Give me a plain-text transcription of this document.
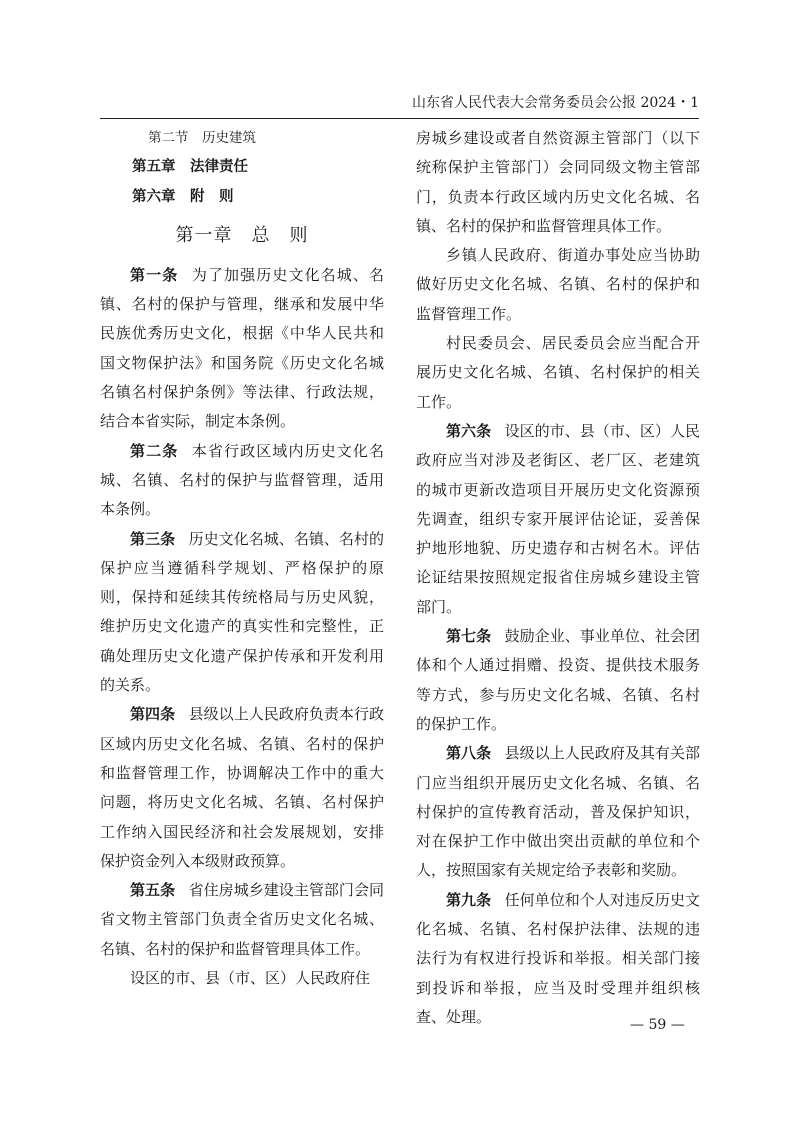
山东省人民代表大会常务委员会公报 2024・1

第二节　历史建筑

第五章　法律责任

第六章　附　则

第一章　总　则

第一条 为了加强历史文化名城、名镇、名村的保护与管理，继承和发展中华民族优秀历史文化，根据《中华人民共和国文物保护法》和国务院《历史文化名城名镇名村保护条例》等法律、行政法规，结合本省实际，制定本条例。

第二条 本省行政区域内历史文化名城、名镇、名村的保护与监督管理，适用本条例。

第三条 历史文化名城、名镇、名村的保护应当遵循科学规划、严格保护的原则，保持和延续其传统格局与历史风貌，维护历史文化遗产的真实性和完整性，正确处理历史文化遗产保护传承和开发利用的关系。

第四条 县级以上人民政府负责本行政区域内历史文化名城、名镇、名村的保护和监督管理工作，协调解决工作中的重大问题，将历史文化名城、名镇、名村保护工作纳入国民经济和社会发展规划，安排保护资金列入本级财政预算。

第五条 省住房城乡建设主管部门会同省文物主管部门负责全省历史文化名城、名镇、名村的保护和监督管理具体工作。

设区的市、县（市、区）人民政府住

房城乡建设或者自然资源主管部门（以下统称保护主管部门）会同同级文物主管部门，负责本行政区域内历史文化名城、名镇、名村的保护和监督管理具体工作。

乡镇人民政府、街道办事处应当协助做好历史文化名城、名镇、名村的保护和监督管理工作。

村民委员会、居民委员会应当配合开展历史文化名城、名镇、名村保护的相关工作。

第六条 设区的市、县（市、区）人民政府应当对涉及老街区、老厂区、老建筑的城市更新改造项目开展历史文化资源预先调查，组织专家开展评估论证，妥善保护地形地貌、历史遗存和古树名木。评估论证结果按照规定报省住房城乡建设主管部门。

第七条 鼓励企业、事业单位、社会团体和个人通过捐赠、投资、提供技术服务等方式，参与历史文化名城、名镇、名村的保护工作。

第八条 县级以上人民政府及其有关部门应当组织开展历史文化名城、名镇、名村保护的宣传教育活动，普及保护知识，对在保护工作中做出突出贡献的单位和个人，按照国家有关规定给予表彰和奖励。

第九条 任何单位和个人对违反历史文化名城、名镇、名村保护法律、法规的违法行为有权进行投诉和举报。相关部门接到投诉和举报，应当及时受理并组织核查、处理。	— 59 —
